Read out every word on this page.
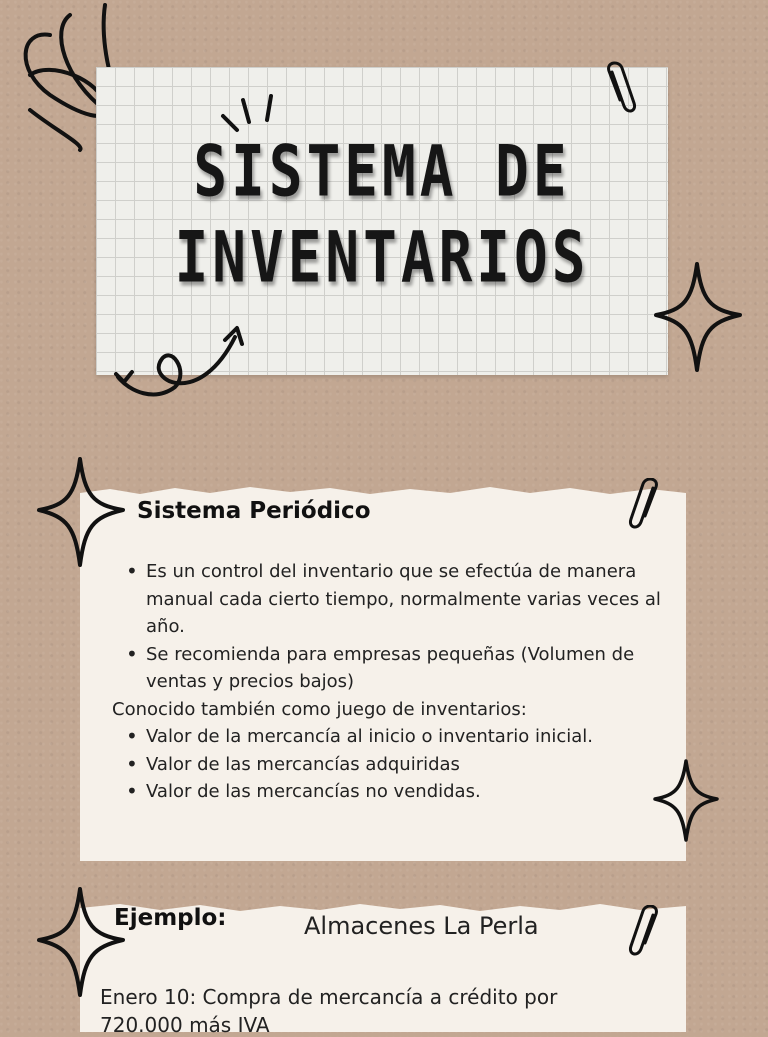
SISTEMA DE
INVENTARIOS
Sistema Periódico
• Es un control del inventario que se efectúa de manera manual cada cierto tiempo, normalmente varias veces al año.
• Se recomienda para empresas pequeñas (Volumen de ventas y precios bajos)
Conocido también como juego de inventarios:
• Valor de la mercancía al inicio o inventario inicial.
• Valor de las mercancías adquiridas
• Valor de las mercancías no vendidas.
Ejemplo:	Almacenes La Perla
Enero 10: Compra de mercancía a crédito por
720.000 más IVA
